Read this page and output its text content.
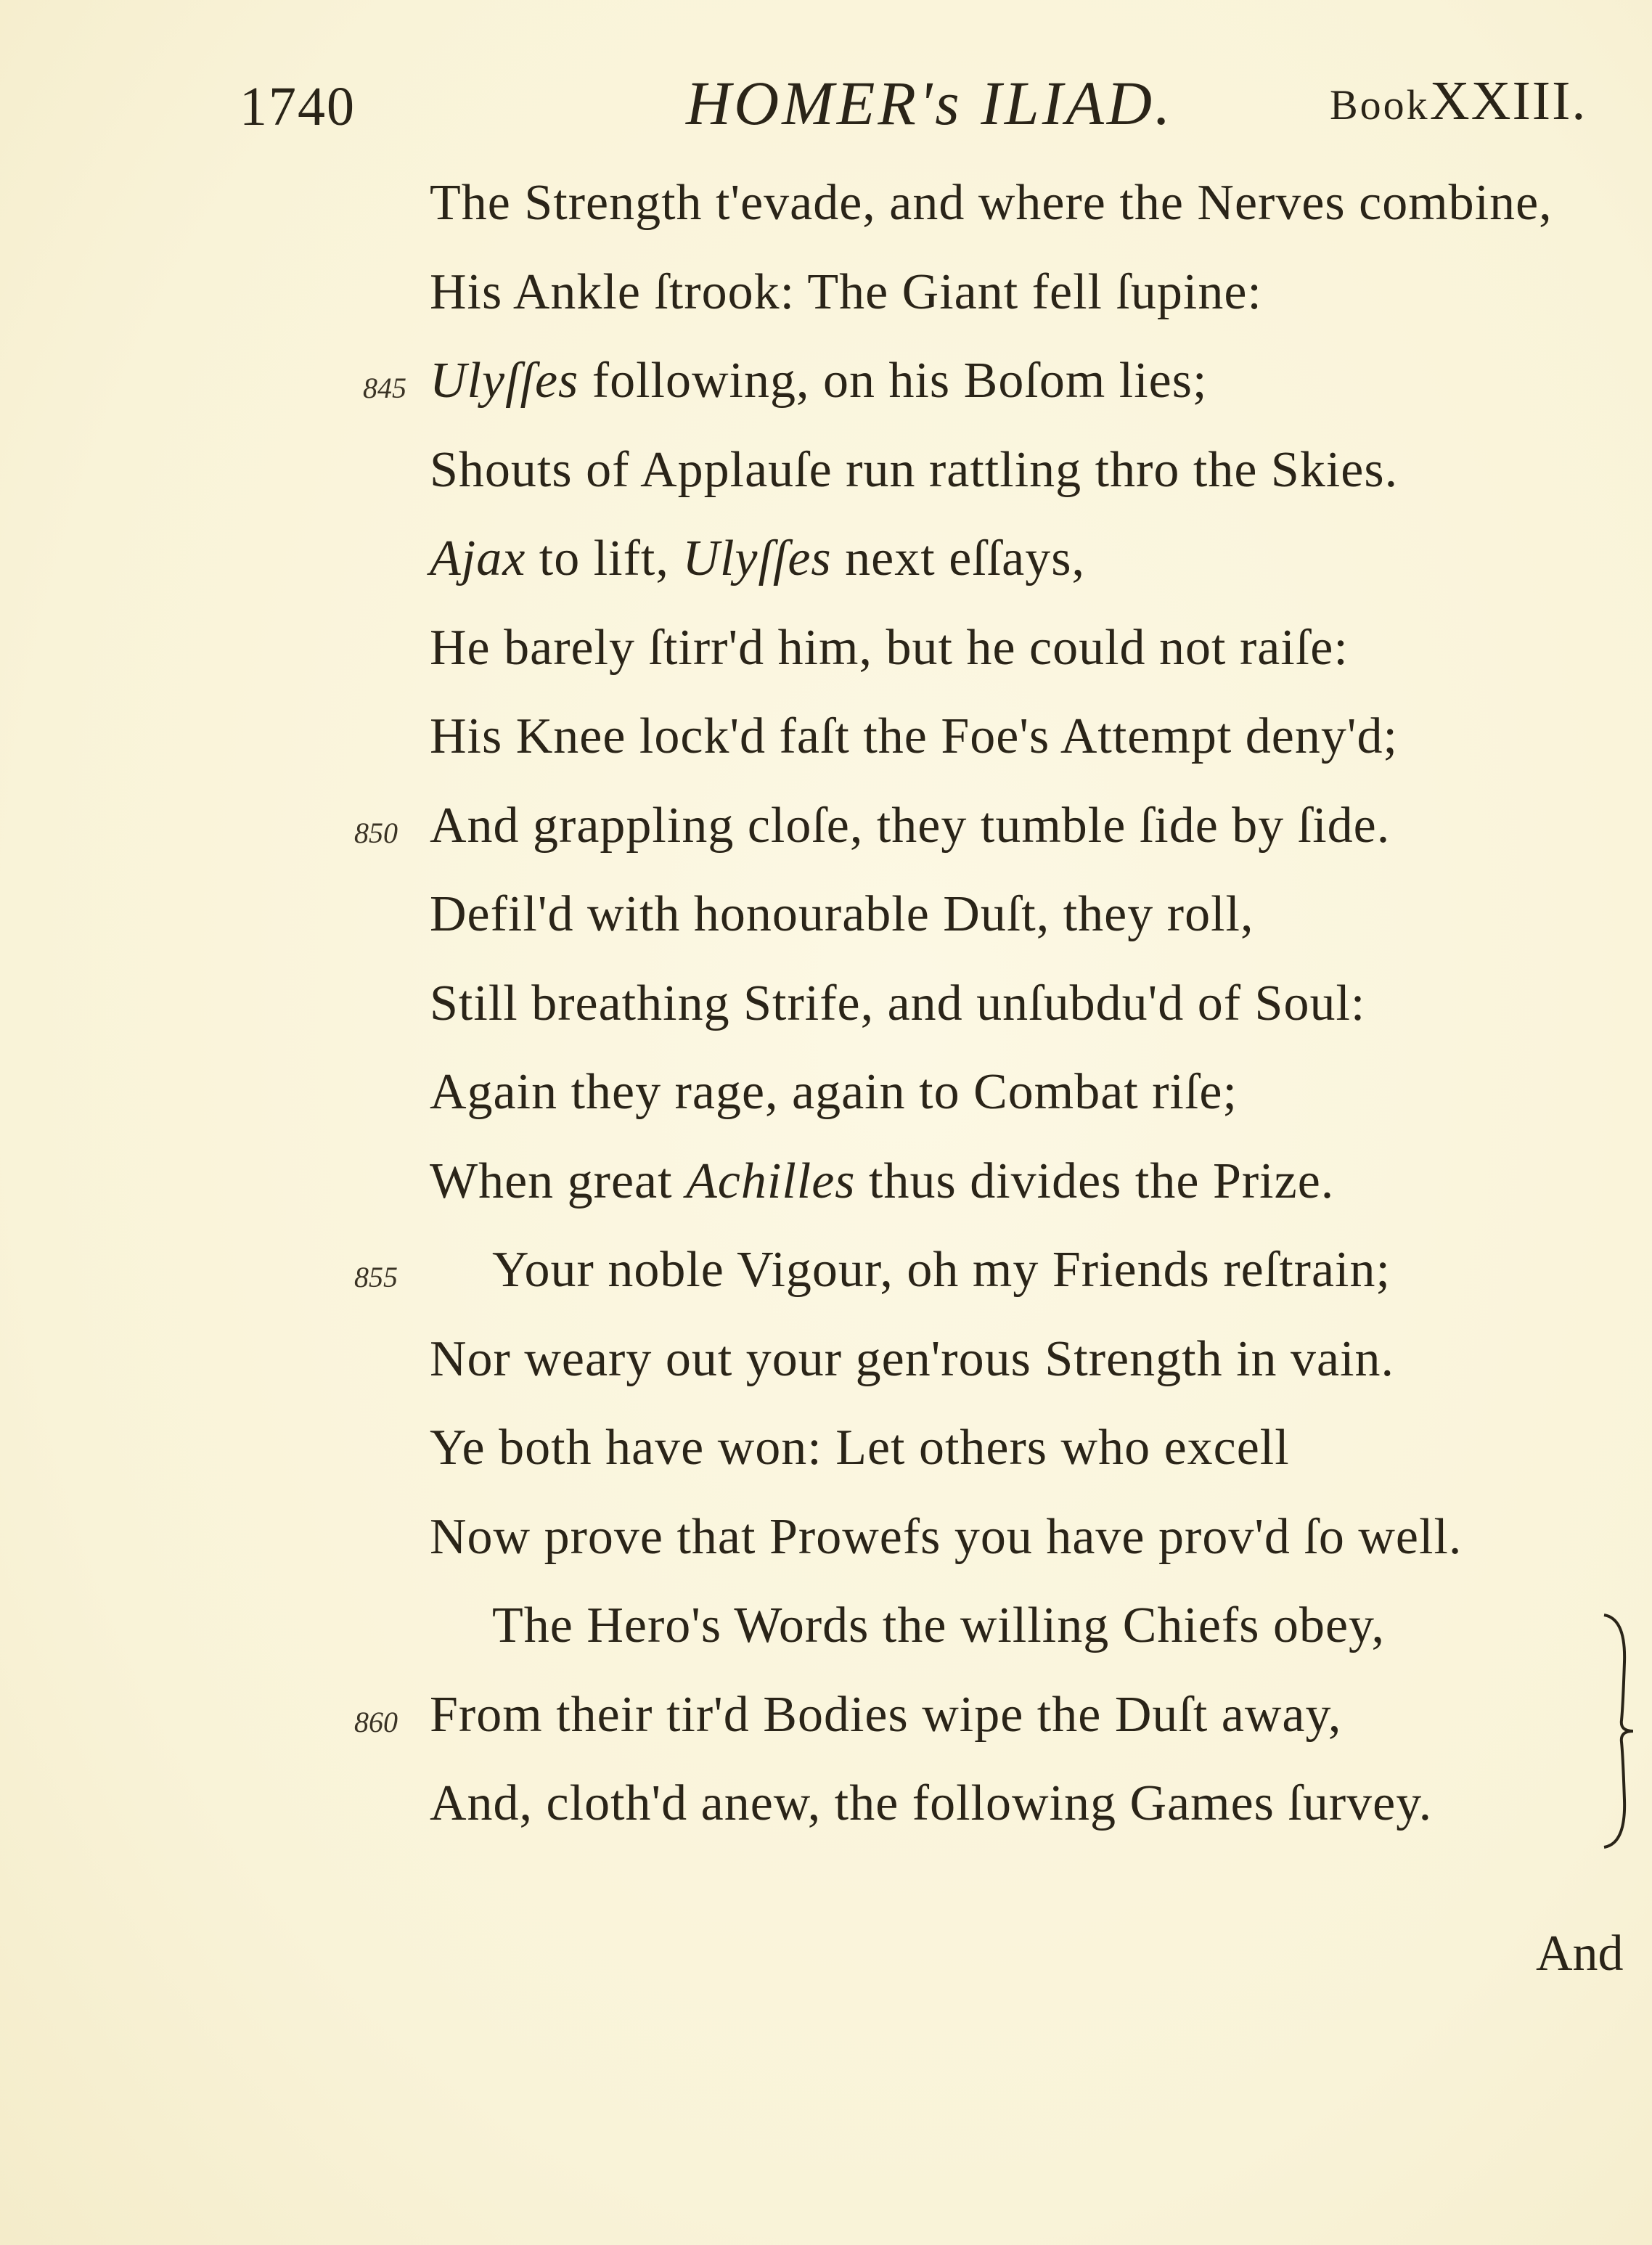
1740	HOMER's ILIAD.	BookXXIII.
The Strength t'evade, and where the Nerves combine,
His Ankle ſtrook: The Giant fell ſupine:
845 Ulyſſes following, on his Boſom lies;
Shouts of Applauſe run rattling thro the Skies.
Ajax to lift, Ulyſſes next eſſays,
He barely ſtirr'd him, but he could not raiſe:
His Knee lock'd faſt the Foe's Attempt deny'd;
850 And grappling cloſe, they tumble ſide by ſide.
Defil'd with honourable Duſt, they roll,
Still breathing Strife, and unſubdu'd of Soul:
Again they rage, again to Combat riſe;
When great Achilles thus divides the Prize.
855 Your noble Vigour, oh my Friends reſtrain;
Nor weary out your gen'rous Strength in vain.
Ye both have won: Let others who excell
Now prove that Prowefs you have prov'd ſo well.
The Hero's Words the willing Chiefs obey,
860 From their tir'd Bodies wipe the Duſt away,
And, cloth'd anew, the following Games ſurvey.
And
